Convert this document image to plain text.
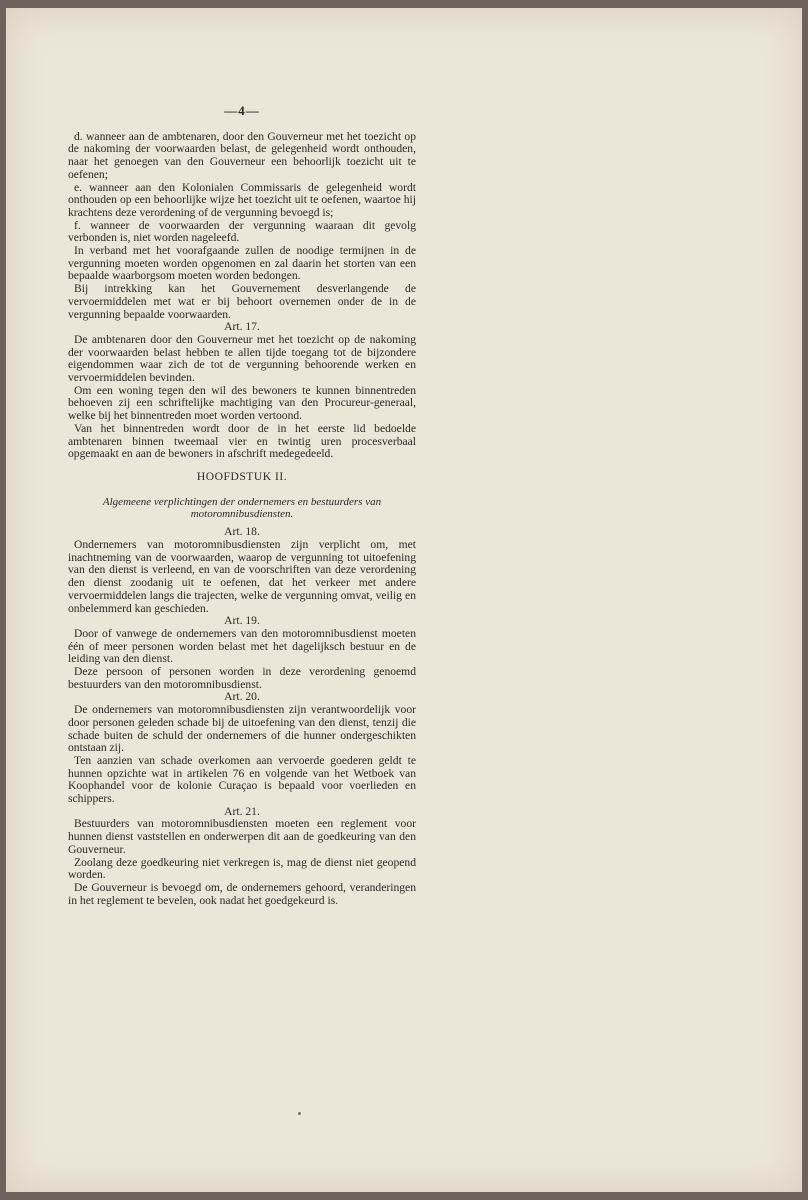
—4—

d. wanneer aan de ambtenaren, door den Gouverneur met het toezicht op de nakoming der voorwaarden belast, de gelegenheid wordt onthouden, naar het genoegen van den Gouverneur een behoorlijk toezicht uit te oefenen;

e. wanneer aan den Kolonialen Commissaris de gelegenheid wordt onthouden op een behoorlijke wijze het toezicht uit te oefenen, waartoe hij krachtens deze verordening of de vergunning bevoegd is;

f. wanneer de voorwaarden der vergunning waaraan dit gevolg verbonden is, niet worden nageleefd.

In verband met het voorafgaande zullen de noodige termijnen in de vergunning moeten worden opgenomen en zal daarin het storten van een bepaalde waarborgsom moeten worden bedongen.

Bij intrekking kan het Gouvernement desverlangende de vervoermiddelen met wat er bij behoort overnemen onder de in de vergunning bepaalde voorwaarden.

Art. 17.

De ambtenaren door den Gouverneur met het toezicht op de nakoming der voorwaarden belast hebben te allen tijde toegang tot de bijzondere eigendommen waar zich de tot de vergunning behoorende werken en vervoermiddelen bevinden.

Om een woning tegen den wil des bewoners te kunnen binnentreden behoeven zij een schriftelijke machtiging van den Procureur-generaal, welke bij het binnentreden moet worden vertoond.

Van het binnentreden wordt door de in het eerste lid bedoelde ambtenaren binnen tweemaal vier en twintig uren procesverbaal opgemaakt en aan de bewoners in afschrift medegedeeld.

HOOFDSTUK II.
Algemeene verplichtingen der ondernemers en bestuurders van
motoromnibusdiensten.

Art. 18.

Ondernemers van motoromnibusdiensten zijn verplicht om, met inachtneming van de voorwaarden, waarop de vergunning tot uitoefening van den dienst is verleend, en van de voorschriften van deze verordening den dienst zoodanig uit te oefenen, dat het verkeer met andere vervoermiddelen langs die trajecten, welke de vergunning omvat, veilig en onbelemmerd kan geschieden.

Art. 19.

Door of vanwege de ondernemers van den motoromnibusdienst moeten één of meer personen worden belast met het dagelijksch bestuur en de leiding van den dienst.

Deze persoon of personen worden in deze verordening genoemd bestuurders van den motoromnibusdienst.

Art. 20.

De ondernemers van motoromnibusdiensten zijn verantwoordelijk voor door personen geleden schade bij de uitoefening van den dienst, tenzij die schade buiten de schuld der ondernemers of die hunner ondergeschikten ontstaan zij.

Ten aanzien van schade overkomen aan vervoerde goederen geldt te hunnen opzichte wat in artikelen 76 en volgende van het Wetboek van Koophandel voor de kolonie Curaçao is bepaald voor voerlieden en schippers.

Art. 21.

Bestuurders van motoromnibusdiensten moeten een reglement voor hunnen dienst vaststellen en onderwerpen dit aan de goedkeuring van den Gouverneur.

Zoolang deze goedkeuring niet verkregen is, mag de dienst niet geopend worden.

De Gouverneur is bevoegd om, de ondernemers gehoord, veranderingen in het reglement te bevelen, ook nadat het goedgekeurd is.
